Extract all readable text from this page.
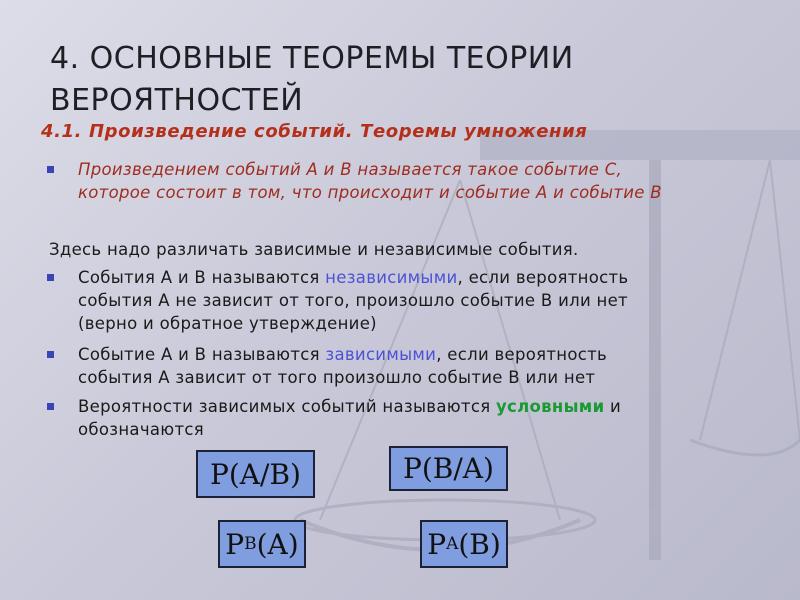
4. ОСНОВНЫЕ ТЕОРЕМЫ ТЕОРИИ
ВЕРОЯТНОСТЕЙ
4.1. Произведение событий. Теоремы умножения
Произведением событий А и В называется такое событие С,
которое состоит в том, что происходит и событие А и событие В
Здесь надо различать зависимые и независимые события.
События А и В называются независимыми, если вероятность
события А не зависит от того, произошло событие В или нет
(верно и обратное утверждение)
Событие А и В называются зависимыми, если вероятность
события А зависит от того произошло событие В или нет
Вероятности зависимых событий называются условными и
обозначаются
P(A/B)	P(B/A)
P B (A)	P A (B)
